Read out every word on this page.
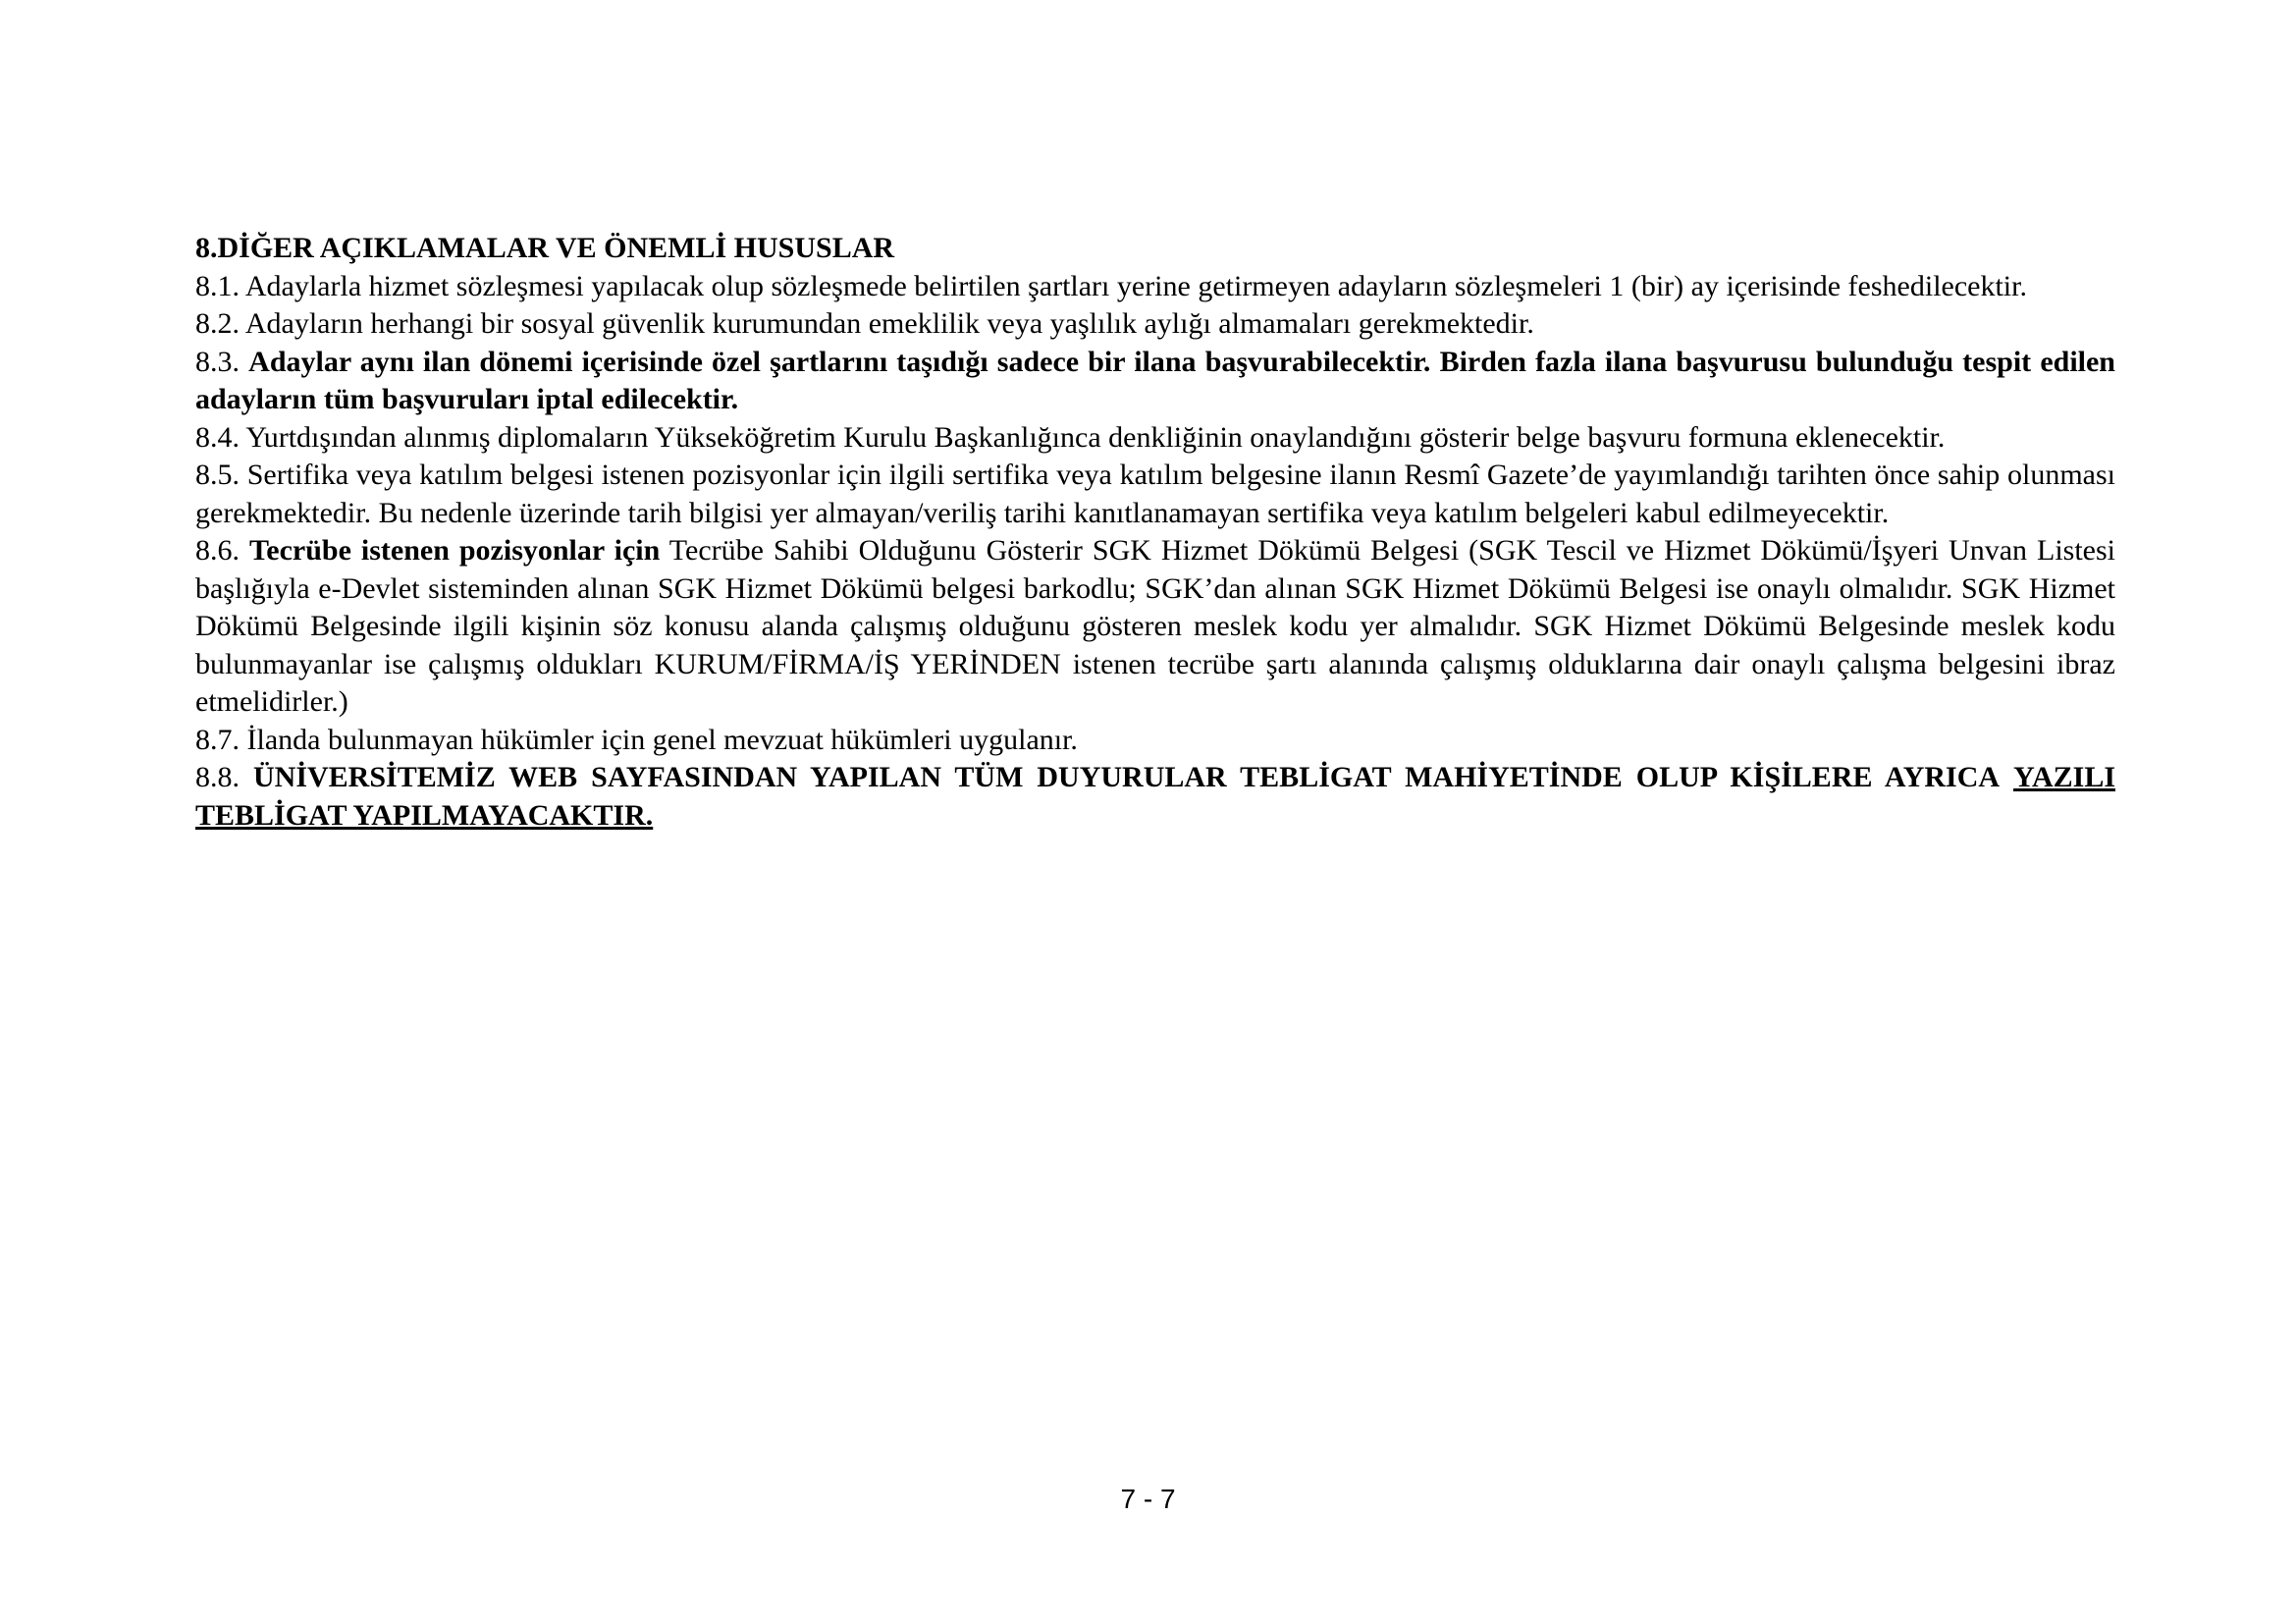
8.DİĞER AÇIKLAMALAR VE ÖNEMLİ HUSUSLAR

8.1. Adaylarla hizmet sözleşmesi yapılacak olup sözleşmede belirtilen şartları yerine getirmeyen adayların sözleşmeleri 1 (bir) ay içerisinde feshedilecektir.

8.2. Adayların herhangi bir sosyal güvenlik kurumundan emeklilik veya yaşlılık aylığı almamaları gerekmektedir.

8.3. Adaylar aynı ilan dönemi içerisinde özel şartlarını taşıdığı sadece bir ilana başvurabilecektir. Birden fazla ilana başvurusu bulunduğu tespit edilen adayların tüm başvuruları iptal edilecektir.

8.4. Yurtdışından alınmış diplomaların Yükseköğretim Kurulu Başkanlığınca denkliğinin onaylandığını gösterir belge başvuru formuna eklenecektir.

8.5. Sertifika veya katılım belgesi istenen pozisyonlar için ilgili sertifika veya katılım belgesine ilanın Resmî Gazete’de yayımlandığı tarihten önce sahip olunması gerekmektedir. Bu nedenle üzerinde tarih bilgisi yer almayan/veriliş tarihi kanıtlanamayan sertifika veya katılım belgeleri kabul edilmeyecektir.

8.6. Tecrübe istenen pozisyonlar için Tecrübe Sahibi Olduğunu Gösterir SGK Hizmet Dökümü Belgesi (SGK Tescil ve Hizmet Dökümü/İşyeri Unvan Listesi başlığıyla e-Devlet sisteminden alınan SGK Hizmet Dökümü belgesi barkodlu; SGK’dan alınan SGK Hizmet Dökümü Belgesi ise onaylı olmalıdır. SGK Hizmet Dökümü Belgesinde ilgili kişinin söz konusu alanda çalışmış olduğunu gösteren meslek kodu yer almalıdır. SGK Hizmet Dökümü Belgesinde meslek kodu bulunmayanlar ise çalışmış oldukları KURUM/FİRMA/İŞ YERİNDEN istenen tecrübe şartı alanında çalışmış olduklarına dair onaylı çalışma belgesini ibraz etmelidirler.)

8.7. İlanda bulunmayan hükümler için genel mevzuat hükümleri uygulanır.

8.8. ÜNİVERSİTEMİZ WEB SAYFASINDAN YAPILAN TÜM DUYURULAR TEBLİGAT MAHİYETİNDE OLUP KİŞİLERE AYRICA YAZILI TEBLİGAT YAPILMAYACAKTIR.

7 - 7
